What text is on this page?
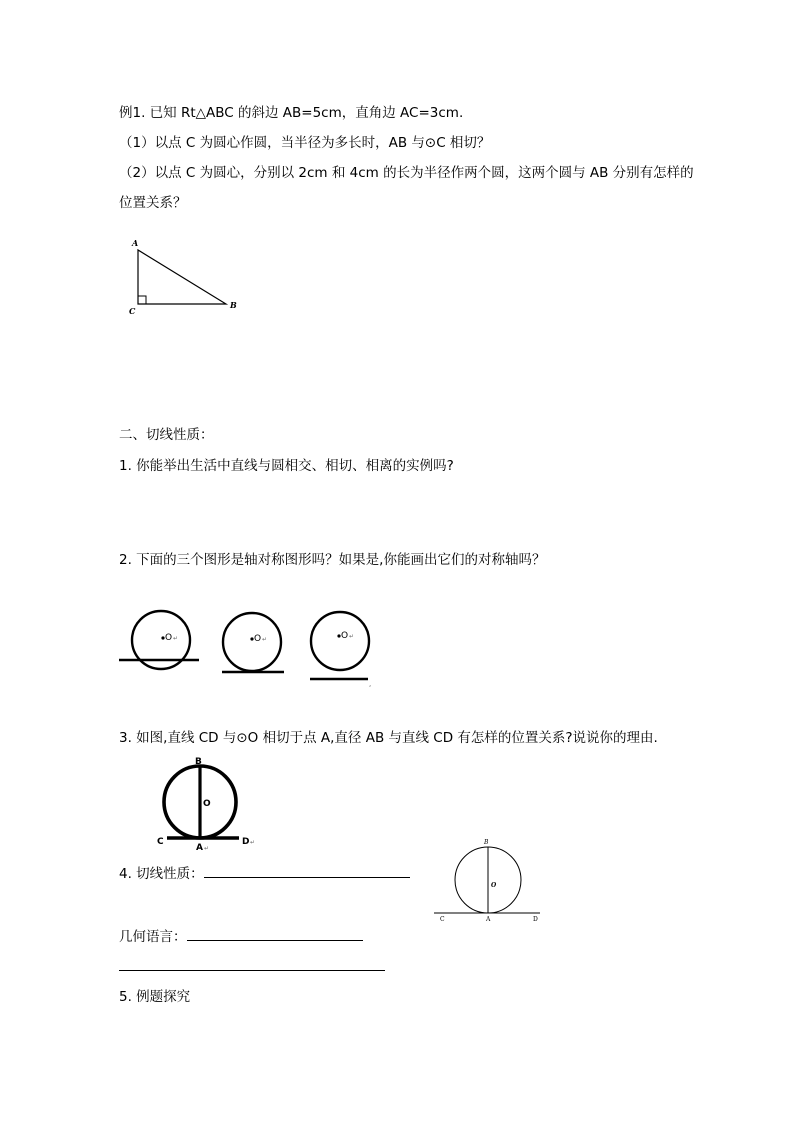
例1. 已知 Rt△ABC 的斜边 AB=5cm，直角边 AC=3cm.
（1）以点 C 为圆心作圆，当半径为多长时，AB 与⊙C 相切？
（2）以点 C 为圆心，分别以 2cm 和 4cm 的长为半径作两个圆，这两个圆与 AB 分别有怎样的
位置关系？
A
B
C
二、切线性质：
1. 你能举出生活中直线与圆相交、相切、相离的实例吗?
2. 下面的三个图形是轴对称图形吗？如果是,你能画出它们的对称轴吗？
O ↵	O ↵	O ↵
,
3. 如图,直线 CD 与⊙O 相切于点 A,直径 AB 与直线 CD 有怎样的位置关系?说说你的理由.
B
O
C	D ↵
A ↵
4. 切线性质：
B
O
C	A	D
几何语言：
5. 例题探究
